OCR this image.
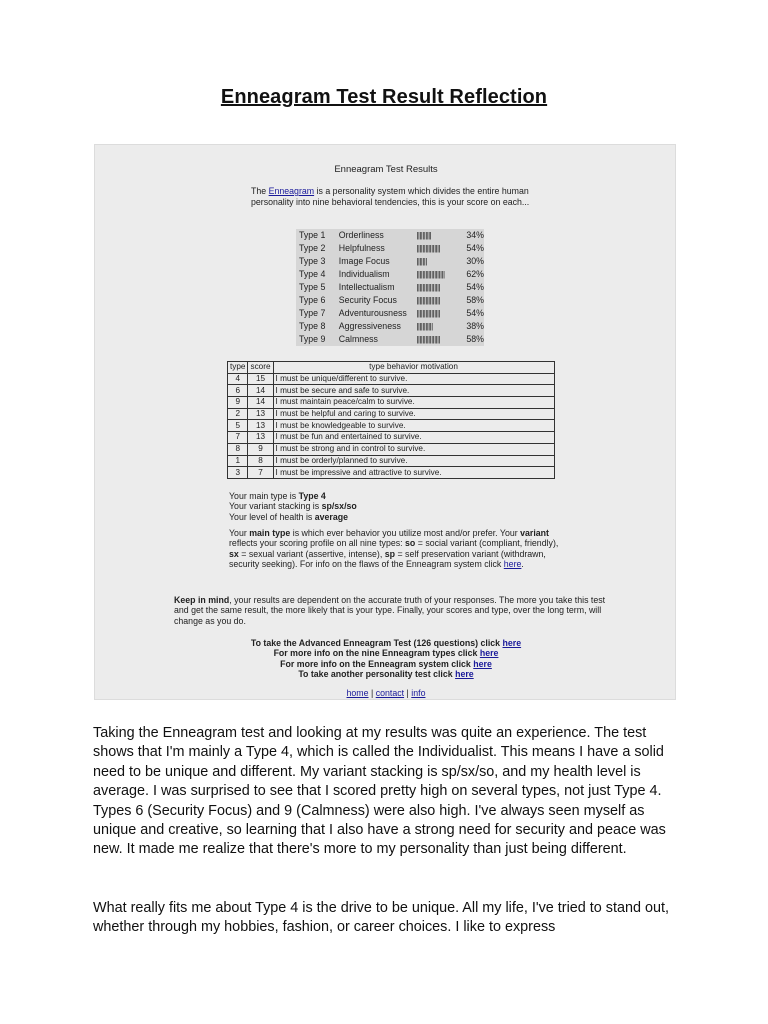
Enneagram Test Result Reflection
Enneagram Test Results
The Enneagram is a personality system which divides the entire human personality into nine behavioral tendencies, this is your score on each...
Type 1	Orderliness	||||||||||	34%
Type 2	Helpfulness	||||||||||||||||	54%
Type 3	Image Focus	|||||||	30%
Type 4	Individualism	|||||||||||||||||||	62%
Type 5	Intellectualism	||||||||||||||||	54%
Type 6	Security Focus	||||||||||||||||	58%
Type 7	Adventurousness	||||||||||||||||	54%
Type 8	Aggressiveness	|||||||||||	38%
Type 9	Calmness	||||||||||||||||	58%
type	score	type behavior motivation
4	15	I must be unique/different to survive.
6	14	I must be secure and safe to survive.
9	14	I must maintain peace/calm to survive.
2	13	I must be helpful and caring to survive.
5	13	I must be knowledgeable to survive.
7	13	I must be fun and entertained to survive.
8	9	I must be strong and in control to survive.
1	8	I must be orderly/planned to survive.
3	7	I must be impressive and attractive to survive.
Your main type is Type 4
Your variant stacking is sp/sx/so
Your level of health is average
Your main type is which ever behavior you utilize most and/or prefer. Your variant reflects your scoring profile on all nine types: so = social variant (compliant, friendly), sx = sexual variant (assertive, intense), sp = self preservation variant (withdrawn, security seeking). For info on the flaws of the Enneagram system click here.
Keep in mind, your results are dependent on the accurate truth of your responses. The more you take this test and get the same result, the more likely that is your type. Finally, your scores and type, over the long term, will change as you do.
To take the Advanced Enneagram Test (126 questions) click here
For more info on the nine Enneagram types click here
For more info on the Enneagram system click here
To take another personality test click here
home | contact | info
Taking the Enneagram test and looking at my results was quite an experience. The test shows that I'm mainly a Type 4, which is called the Individualist. This means I have a solid need to be unique and different. My variant stacking is sp/sx/so, and my health level is average. I was surprised to see that I scored pretty high on several types, not just Type 4. Types 6 (Security Focus) and 9 (Calmness) were also high. I've always seen myself as unique and creative, so learning that I also have a strong need for security and peace was new. It made me realize that there's more to my personality than just being different.
What really fits me about Type 4 is the drive to be unique. All my life, I've tried to stand out, whether through my hobbies, fashion, or career choices. I like to express
